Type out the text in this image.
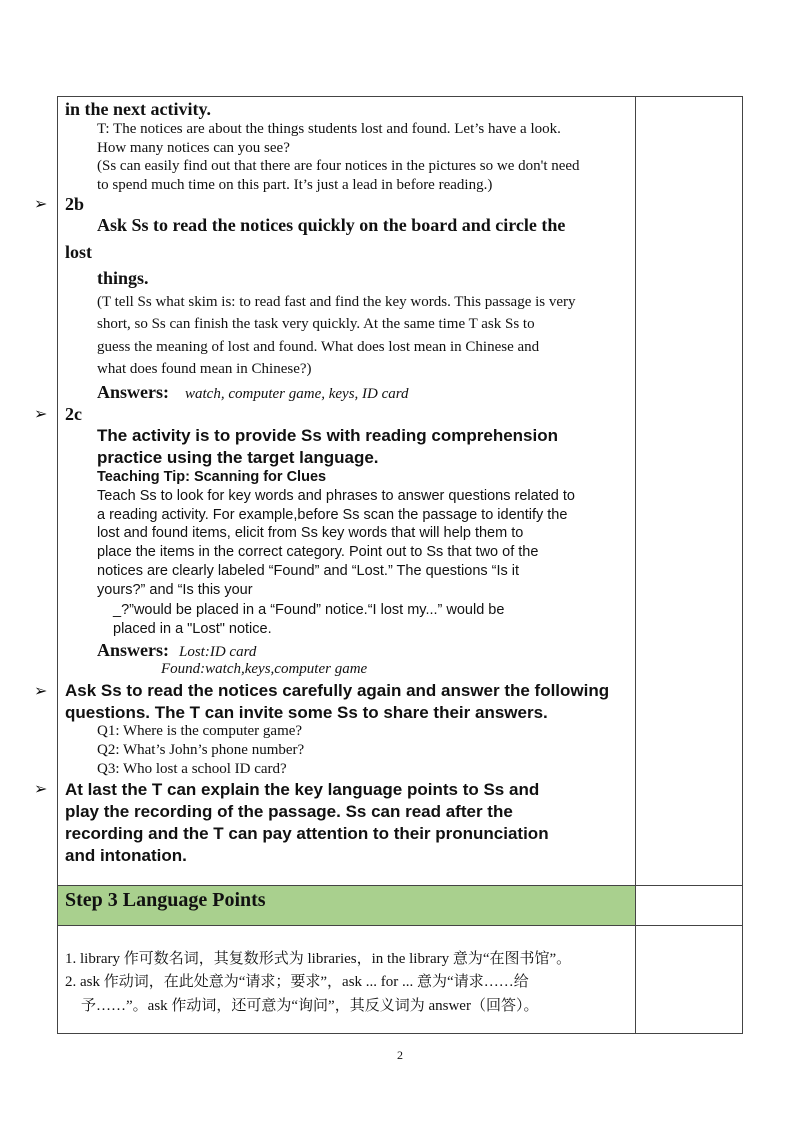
➢
➢
➢
➢
in the next activity.
T: The notices are about the things students lost and found. Let’s have a look.
How many notices can you see?
(Ss can easily find out that there are four notices in the pictures so we don't need
to spend much time on this part. It’s just a lead in before reading.)
2b
Ask Ss to read the notices quickly on the board and circle the
lost
things.
(T tell Ss what skim is: to read fast and find the key words. This passage is very
short, so Ss can finish the task very quickly. At the same time T ask Ss to
guess the meaning of lost and found. What does lost mean in Chinese and
what does found mean in Chinese?)
Answers: watch, computer game, keys, ID card
2c
The activity is to provide Ss with reading comprehension
practice using the target language.
Teaching Tip: Scanning for Clues
Teach Ss to look for key words and phrases to answer questions related to
a reading activity. For example,before Ss scan the passage to identify the
lost and found items, elicit from Ss key words that will help them to
place the items in the correct category. Point out to Ss that two of the
notices are clearly labeled “Found” and “Lost.” The questions “Is it
yours?” and “Is this your
_?”would be placed in a “Found” notice.“I lost my...” would be
placed in a "Lost" notice.
Answers: Lost:ID card
Found:watch,keys,computer game
Ask Ss to read the notices carefully again and answer the following
questions. The T can invite some Ss to share their answers.
Q1: Where is the computer game?
Q2: What’s John’s phone number?
Q3: Who lost a school ID card?
At last the T can explain the key language points to Ss and
play the recording of the passage. Ss can read after the
recording and the T can pay attention to their pronunciation
and intonation.
Step 3 Language Points
1. library 作可数名词，其复数形式为 libraries，in the library 意为“在图书馆”。
2. ask 作动词，在此处意为“请求；要求”，ask ... for ... 意为“请求……给
予……”。ask 作动词，还可意为“询问”，其反义词为 answer（回答）。
2
